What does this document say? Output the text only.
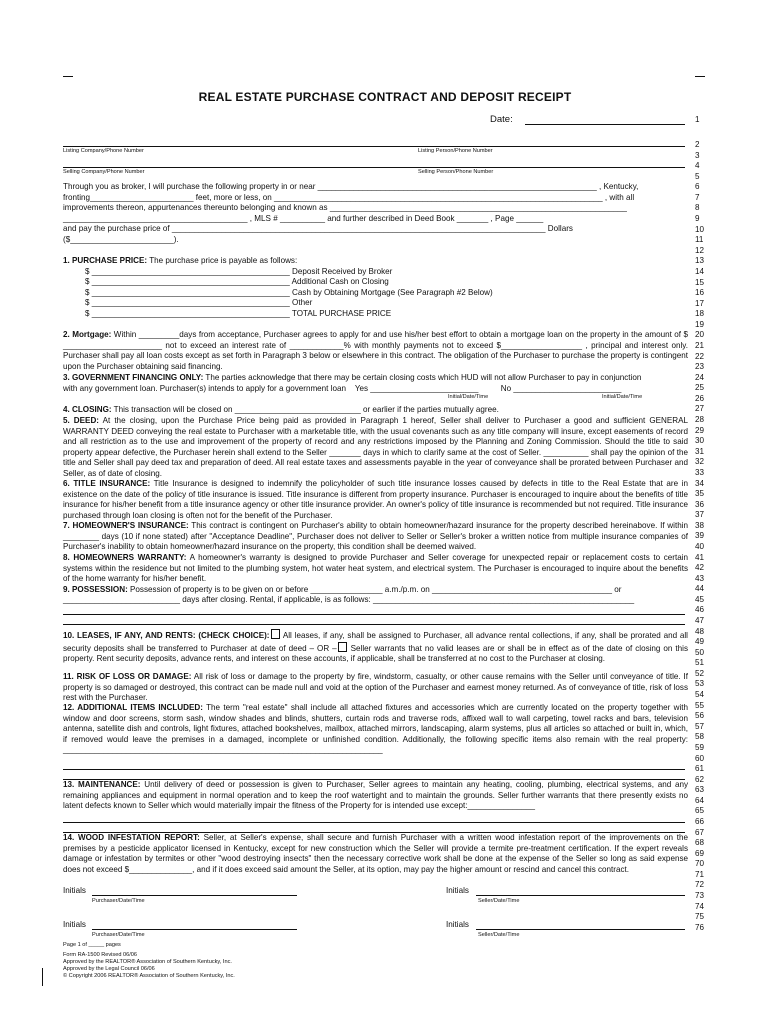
REAL ESTATE PURCHASE CONTRACT AND DEPOSIT RECEIPT
Date:	1
Listing Company/Phone Number	Listing Person/Phone Number
Selling Company/Phone Number	Selling Person/Phone Number
Through you as broker, I will purchase the following property in or near ______________________________________________________________ , Kentucky,
fronting_______________________ feet, more or less, on _________________________________________________________________________ , with all
improvements thereon, appurtenances thereunto belonging and known as __________________________________________________________________
_________________________________________ , MLS # __________ and further described in Deed Book _______ , Page ______
and pay the purchase price of ___________________________________________________________________________________ Dollars
($_______________________).
1. PURCHASE PRICE: The purchase price is payable as follows:
$ ____________________________________________ Deposit Received by Broker
$ ____________________________________________ Additional Cash on Closing
$ ____________________________________________ Cash by Obtaining Mortgage (See Paragraph #2 Below)
$ ____________________________________________ Other
$ ____________________________________________ TOTAL PURCHASE PRICE
2. Mortgage: Within _________days from acceptance, Purchaser agrees to apply for and use his/her best effort to obtain a mortgage loan on the property in the amount of $ ______________________ not to exceed an interest rate of ____________% with monthly payments not to exceed $__________________ , principal and interest only. Purchaser shall pay all loan costs except as set forth in Paragraph 3 below or elsewhere in this contract. The obligation of the Purchaser to purchase the property is contingent upon the Purchaser obtaining said financing.
3. GOVERNMENT FINANCING ONLY: The parties acknowledge that there may be certain closing costs which HUD will not allow Purchaser to pay in conjunction
with any government loan. Purchaser(s) intends to apply for a government loan    Yes ________________________          No ________________________
Initial/Date/Time	Initial/Date/Time
4. CLOSING: This transaction will be closed on ____________________________ or earlier if the parties mutually agree.
5. DEED: At the closing, upon the Purchase Price being paid as provided in Paragraph 1 hereof, Seller shall deliver to Purchaser a good and sufficient GENERAL WARRANTY DEED conveying the real estate to Purchaser with a marketable title, with the usual covenants such as any title company will insure, except easements of record and all restriction as to the use and improvement of the property of record and any restrictions imposed by the Planning and Zoning Commission. Should the title to said property appear defective, the Purchaser herein shall extend to the Seller _______ days in which to clarify same at the cost of Seller. __________ shall pay the opinion of the title and Seller shall pay deed tax and preparation of deed. All real estate taxes and assessments payable in the year of conveyance shall be prorated between Purchaser and Seller, as of date of closing.
6. TITLE INSURANCE: Title Insurance is designed to indemnify the policyholder of such title insurance losses caused by defects in title to the Real Estate that are in existence on the date of the policy of title insurance is issued. Title insurance is different from property insurance. Purchaser is encouraged to inquire about the benefits of title insurance for his/her benefit from a title insurance agency or other title insurance provider. An owner's policy of title insurance is recommended but not required. Title insurance purchased through loan closing is often not for the benefit of the Purchaser.
7. HOMEOWNER'S INSURANCE: This contract is contingent on Purchaser's ability to obtain homeowner/hazard insurance for the property described hereinabove. If within ________ days (10 if none stated) after "Acceptance Deadline", Purchaser does not deliver to Seller or Seller's broker a written notice from multiple insurance companies of Purchaser's inability to obtain homeowner/hazard insurance on the property, this condition shall be deemed waived.
8. HOMEOWNERS WARRANTY: A homeowner's warranty is designed to provide Purchaser and Seller coverage for unexpected repair or replacement costs to certain systems within the residence but not limited to the plumbing system, hot water heat system, and electrical system. The Purchaser is encouraged to inquire about the benefits of the home warranty for his/her benefit.
9. POSSESSION: Possession of property is to be given on or before ________________ a.m./p.m. on ________________________________________ or
__________________________ days after closing. Rental, if applicable, is as follows: __________________________________________________________
10. LEASES, IF ANY, AND RENTS: (CHECK CHOICE): All leases, if any, shall be assigned to Purchaser, all advance rental collections, if any, shall be prorated and all security deposits shall be transferred to Purchaser at date of deed – OR – Seller warrants that no valid leases are or shall be in effect as of the date of closing on this property. Rent security deposits, advance rents, and interest on these accounts, if applicable, shall be transferred at no cost to the Purchaser at closing.
11. RISK OF LOSS OR DAMAGE: All risk of loss or damage to the property by fire, windstorm, casualty, or other cause remains with the Seller until conveyance of title. If property is so damaged or destroyed, this contract can be made null and void at the option of the Purchaser and earnest money returned. As of conveyance of title, risk of loss rest with the Purchaser.
12. ADDITIONAL ITEMS INCLUDED: The term "real estate" shall include all attached fixtures and accessories which are currently located on the property together with window and door screens, storm sash, window shades and blinds, shutters, curtain rods and traverse rods, affixed wall to wall carpeting, towel racks and bars, television antenna, satellite dish and controls, light fixtures, attached bookshelves, mailbox, attached mirrors, landscaping, alarm systems, plus all articles so attached or built in, which, if removed would leave the premises in a damaged, incomplete or unfinished condition. Additionally, the following specific items also remain with the real property: _______________________________________________________________________
13. MAINTENANCE: Until delivery of deed or possession is given to Purchaser, Seller agrees to maintain any heating, cooling, plumbing, electrical systems, and any remaining appliances and equipment in normal operation and to keep the roof watertight and to maintain the grounds. Seller further warrants that there presently exists no latent defects known to Seller which would materially impair the fitness of the Property for is intended use except:_______________
14. WOOD INFESTATION REPORT: Seller, at Seller's expense, shall secure and furnish Purchaser with a written wood infestation report of the improvements on the premises by a pesticide applicator licensed in Kentucky, except for new construction which the Seller will provide a termite pre-treatment certification. If the expert reveals damage or infestation by termites or other "wood destroying insects" then the necessary corrective work shall be done at the expense of the Seller so long as said expense does not exceed $______________, and if it does exceed said amount the Seller, at its option, may pay the higher amount or rescind and cancel this contract.
Initials
Purchaser/Date/Time
Initials
Seller/Date/Time
Initials
Purchaser/Date/Time
Initials
Seller/Date/Time
Page 1 of _____ pages
Form RA-1500 Revised 06/06
Approved by the REALTOR® Association of Southern Kentucky, Inc.
Approved by the Legal Council 06/06
© Copyright 2006 REALTOR® Association of Southern Kentucky, Inc.
2
3
4
5
6
7
8
9
10
11
12
13
14
15
16
17
18
19
20
21
22
23
24
25
26
27
28
29
30
31
32
33
34
35
36
37
38
39
40
41
42
43
44
45
46
47
48
49
50
51
52
53
54
55
56
57
58
59
60
61
62
63
64
65
66
67
68
69
70
71
72
73
74
75
76
